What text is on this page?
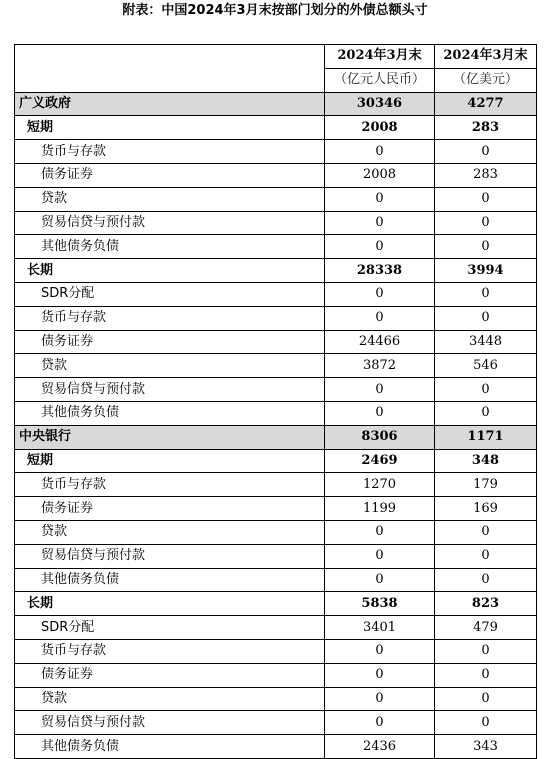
附表：中国2024年3月末按部门划分的外债总额头寸
	2024年3月末	2024年3月末
	（亿元人民币）	（亿美元）
广义政府	30346	4277
短期	2008	283
货币与存款	0	0
债务证券	2008	283
贷款	0	0
贸易信贷与预付款	0	0
其他债务负债	0	0
长期	28338	3994
SDR分配	0	0
货币与存款	0	0
债务证券	24466	3448
贷款	3872	546
贸易信贷与预付款	0	0
其他债务负债	0	0
中央银行	8306	1171
短期	2469	348
货币与存款	1270	179
债务证券	1199	169
贷款	0	0
贸易信贷与预付款	0	0
其他债务负债	0	0
长期	5838	823
SDR分配	3401	479
货币与存款	0	0
债务证券	0	0
贷款	0	0
贸易信贷与预付款	0	0
其他债务负债	2436	343
